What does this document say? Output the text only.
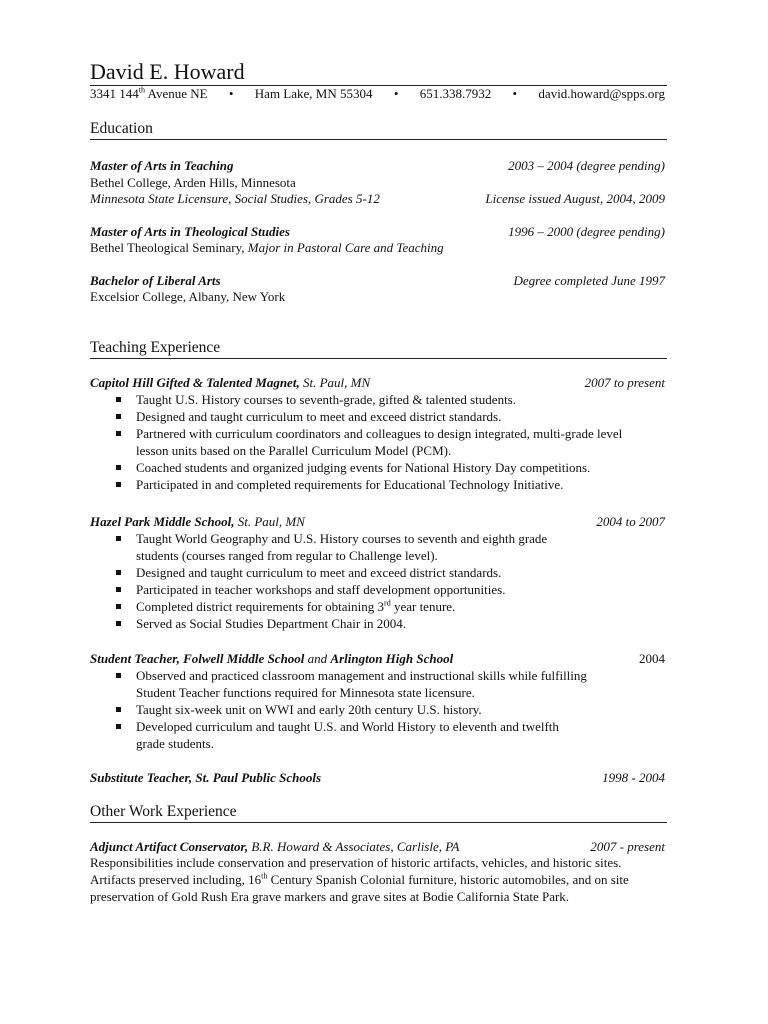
David E. Howard
3341 144th Avenue NE • Ham Lake, MN 55304 • 651.338.7932 • david.howard@spps.org
Education
Master of Arts in Teaching	2003 – 2004 (degree pending)
Bethel College, Arden Hills, Minnesota
Minnesota State Licensure, Social Studies, Grades 5-12	License issued August, 2004, 2009
Master of Arts in Theological Studies	1996 – 2000 (degree pending)
Bethel Theological Seminary, Major in Pastoral Care and Teaching
Bachelor of Liberal Arts	Degree completed June 1997
Excelsior College, Albany, New York
Teaching Experience
Capitol Hill Gifted & Talented Magnet, St. Paul, MN	2007 to present
Taught U.S. History courses to seventh-grade, gifted & talented students.
Designed and taught curriculum to meet and exceed district standards.
Partnered with curriculum coordinators and colleagues to design integrated, multi-grade level lesson units based on the Parallel Curriculum Model (PCM).
Coached students and organized judging events for National History Day competitions.
Participated in and completed requirements for Educational Technology Initiative.
Hazel Park Middle School, St. Paul, MN	2004 to 2007
Taught World Geography and U.S. History courses to seventh and eighth grade students (courses ranged from regular to Challenge level).
Designed and taught curriculum to meet and exceed district standards.
Participated in teacher workshops and staff development opportunities.
Completed district requirements for obtaining 3rd year tenure.
Served as Social Studies Department Chair in 2004.
Student Teacher, Folwell Middle School and Arlington High School	2004
Observed and practiced classroom management and instructional skills while fulfilling Student Teacher functions required for Minnesota state licensure.
Taught six-week unit on WWI and early 20th century U.S. history.
Developed curriculum and taught U.S. and World History to eleventh and twelfth grade students.
Substitute Teacher, St. Paul Public Schools	1998 - 2004
Other Work Experience
Adjunct Artifact Conservator, B.R. Howard & Associates, Carlisle, PA	2007 - present
Responsibilities include conservation and preservation of historic artifacts, vehicles, and historic sites.
Artifacts preserved including, 16th Century Spanish Colonial furniture, historic automobiles, and on site
preservation of Gold Rush Era grave markers and grave sites at Bodie California State Park.
